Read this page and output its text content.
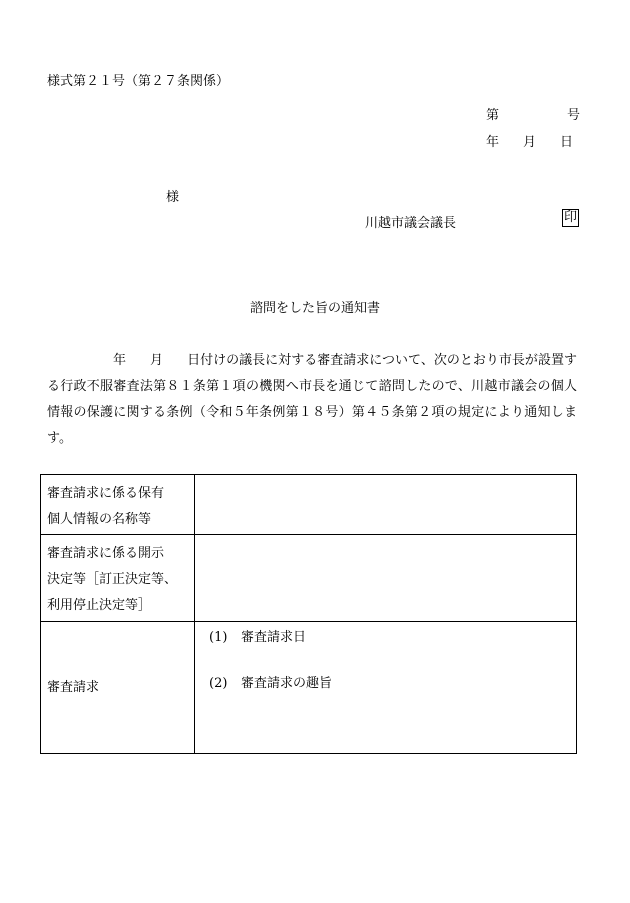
様式第２１号（第２７条関係）
第	号
年 月 日
様
川越市議会議長	印
諮問をした旨の通知書
年 月 日付けの議長に対する審査請求について、次のとおり市長が設置する行政不服審査法第８１条第１項の機関へ市長を通じて諮問したので、川越市議会の個人情報の保護に関する条例（令和５年条例第１８号）第４５条第２項の規定により通知します。
審査請求に係る保有
個人情報の名称等	

審査請求に係る開示
決定等［訂正決定等、
利用停止決定等］	

審査請求	(1) 審査請求日
(2) 審査請求の趣旨
